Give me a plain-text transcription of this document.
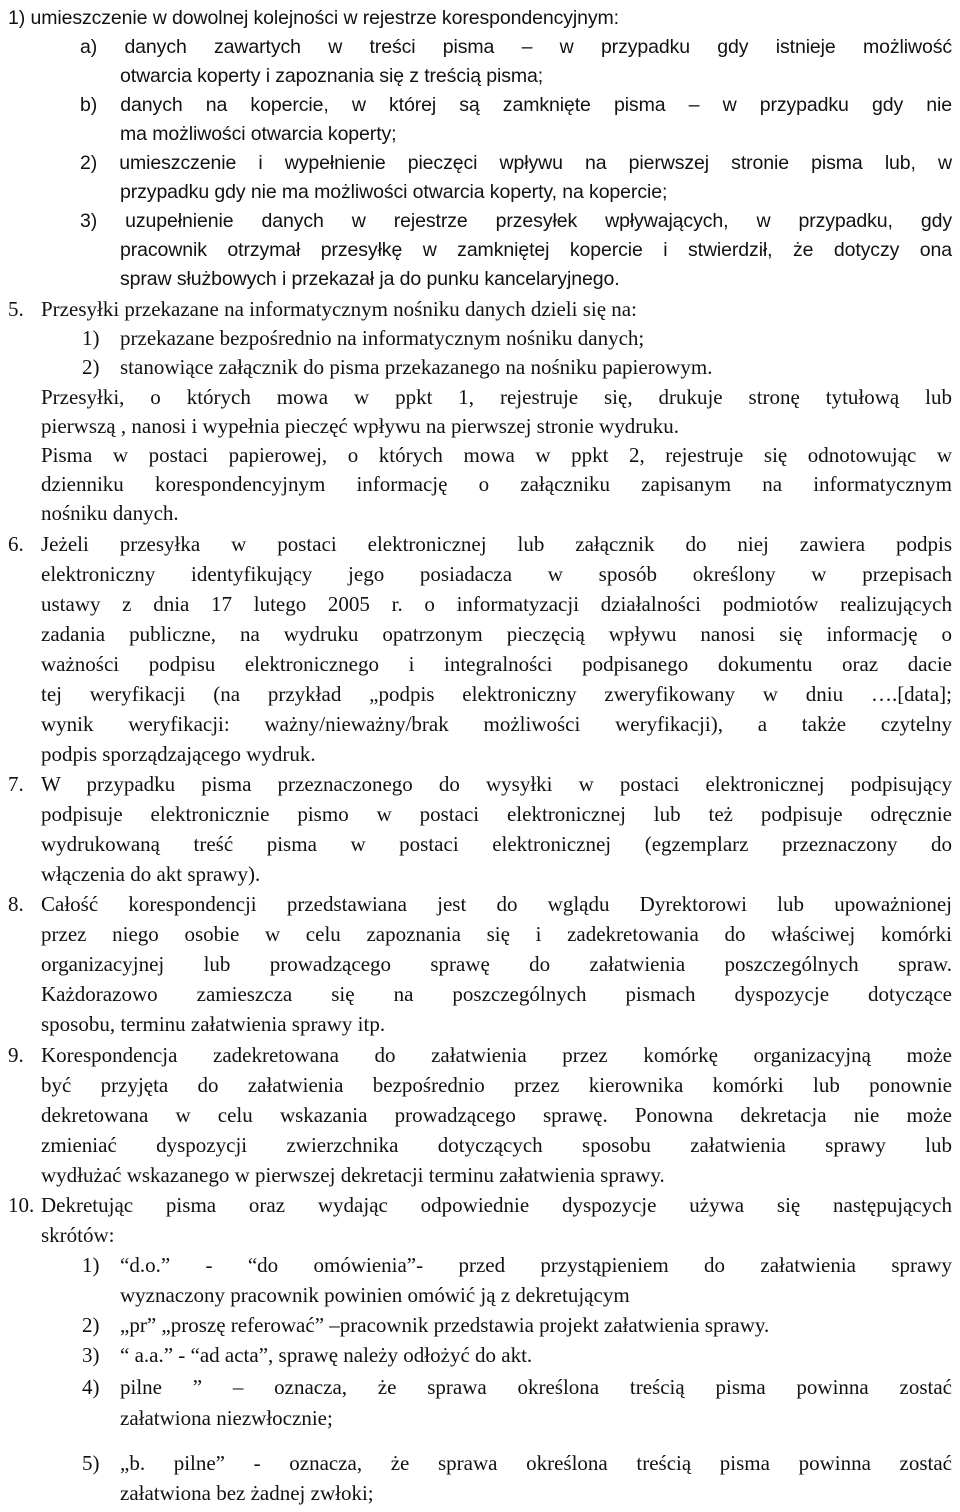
1) umieszczenie w dowolnej kolejności w rejestrze korespondencyjnym:

a) danych zawartych w treści pisma – w przypadku gdy istnieje możliwość

otwarcia koperty i zapoznania się z treścią pisma;

b) danych na kopercie, w której są zamknięte pisma – w przypadku gdy nie

ma możliwości otwarcia koperty;

2) umieszczenie i wypełnienie pieczęci wpływu na pierwszej stronie pisma lub, w

przypadku gdy nie ma możliwości otwarcia koperty, na kopercie;

3) uzupełnienie danych w rejestrze przesyłek wpływających, w przypadku, gdy

pracownik otrzymał przesyłkę w zamkniętej kopercie i stwierdził, że dotyczy ona

spraw służbowych i przekazał ja do punku kancelaryjnego.

5. Przesyłki przekazane na informatycznym nośniku danych dzieli się na:

1) przekazane bezpośrednio na informatycznym nośniku danych;

2) stanowiące załącznik do pisma przekazanego na nośniku papierowym.

Przesyłki, o których mowa w ppkt 1, rejestruje się, drukuje stronę tytułową lub

pierwszą , nanosi i wypełnia pieczęć wpływu na pierwszej stronie wydruku.

Pisma w postaci papierowej, o których mowa w ppkt 2, rejestruje się odnotowując w

dzienniku korespondencyjnym informację o załączniku zapisanym na informatycznym

nośniku danych.

6. Jeżeli przesyłka w postaci elektronicznej lub załącznik do niej zawiera podpis

elektroniczny identyfikujący jego posiadacza w sposób określony w przepisach

ustawy z dnia 17 lutego 2005 r. o informatyzacji działalności podmiotów realizujących

zadania publiczne, na wydruku opatrzonym pieczęcią wpływu nanosi się informację o

ważności podpisu elektronicznego i integralności podpisanego dokumentu oraz dacie

tej weryfikacji (na przykład „podpis elektroniczny zweryfikowany w dniu ….[data];

wynik weryfikacji: ważny/nieważny/brak możliwości weryfikacji), a także czytelny

podpis sporządzającego wydruk.

7. W przypadku pisma przeznaczonego do wysyłki w postaci elektronicznej podpisujący

podpisuje elektronicznie pismo w postaci elektronicznej lub też podpisuje odręcznie

wydrukowaną treść pisma w postaci elektronicznej (egzemplarz przeznaczony do

włączenia do akt sprawy).

8. Całość korespondencji przedstawiana jest do wglądu Dyrektorowi lub upoważnionej

przez niego osobie w celu zapoznania się i zadekretowania do właściwej komórki

organizacyjnej lub prowadzącego sprawę do załatwienia poszczególnych spraw.

Każdorazowo zamieszcza się na poszczególnych pismach dyspozycje dotyczące

sposobu, terminu załatwienia sprawy itp.

9. Korespondencja zadekretowana do załatwienia przez komórkę organizacyjną może

być przyjęta do załatwienia bezpośrednio przez kierownika komórki lub ponownie

dekretowana w celu wskazania prowadzącego sprawę. Ponowna dekretacja nie może

zmieniać dyspozycji zwierzchnika dotyczących sposobu załatwienia sprawy lub

wydłużać wskazanego w pierwszej dekretacji terminu załatwienia sprawy.

10. Dekretując pisma oraz wydając odpowiednie dyspozycje używa się następujących

skrótów:

1) “d.o.” - “do omówienia”- przed przystąpieniem do załatwienia sprawy

wyznaczony pracownik powinien omówić ją z dekretującym

2) „pr” „proszę referować” –pracownik przedstawia projekt załatwienia sprawy.

3) “ a.a.” - “ad acta”, sprawę należy odłożyć do akt.

4) pilne ” – oznacza, że sprawa określona treścią pisma powinna zostać

załatwiona niezwłocznie;

5) „b. pilne” - oznacza, że sprawa określona treścią pisma powinna zostać

załatwiona bez żadnej zwłoki;
